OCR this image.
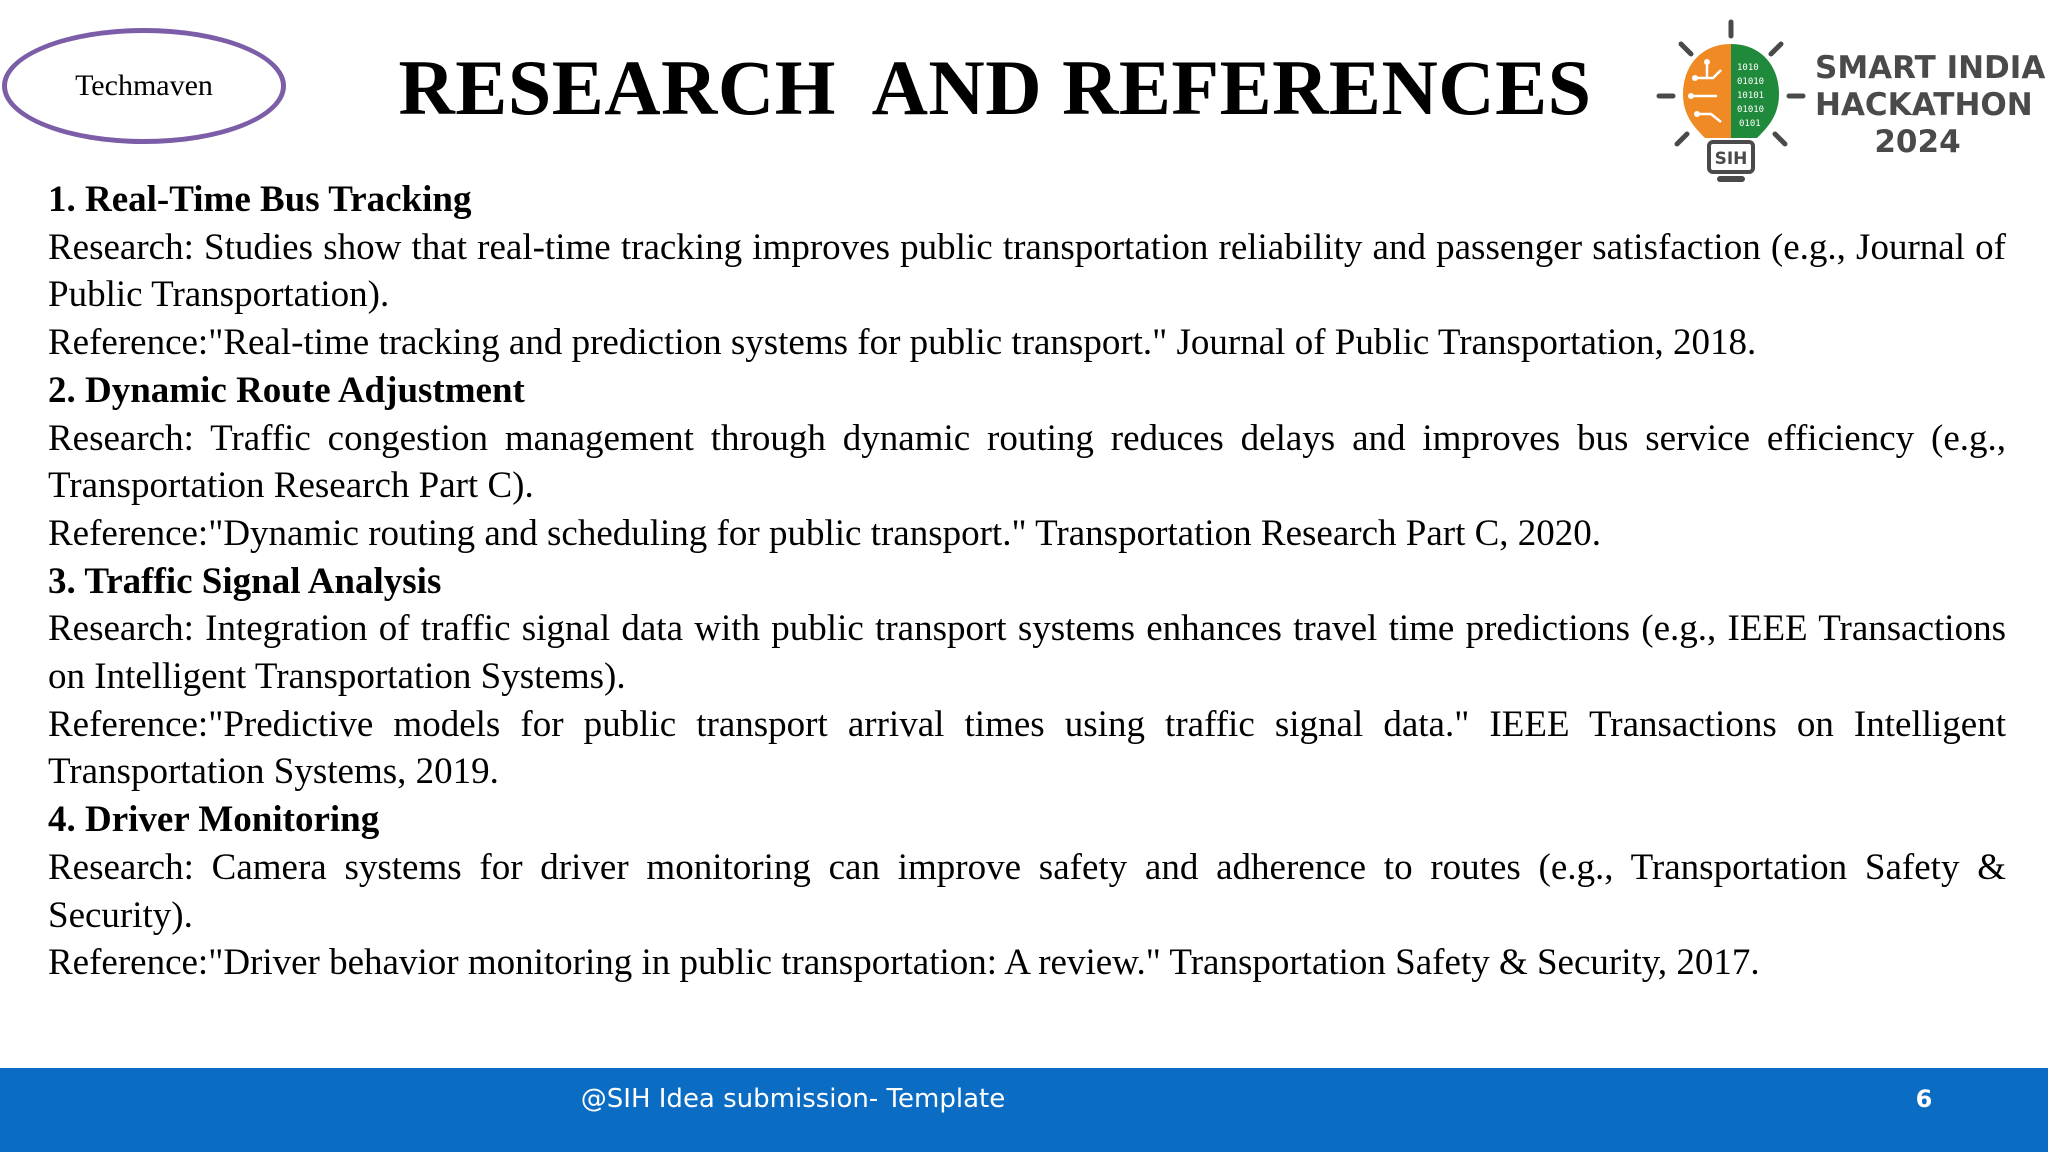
Techmaven	RESEARCH  AND REFERENCES	1010
01010
10101
01010
0101
SIH
SMART INDIA
HACKATHON
2024

1. Real-Time Bus Tracking

Research: Studies show that real-time tracking improves public transportation reliability and passenger satisfaction (e.g., Journal of Public Transportation).

Reference:"Real-time tracking and prediction systems for public transport." Journal of Public Transportation, 2018.

2. Dynamic Route Adjustment

Research: Traffic congestion management through dynamic routing reduces delays and improves bus service efficiency (e.g., Transportation Research Part C).

Reference:"Dynamic routing and scheduling for public transport." Transportation Research Part C, 2020.

3. Traffic Signal Analysis

Research: Integration of traffic signal data with public transport systems enhances travel time predictions (e.g., IEEE Transactions on Intelligent Transportation Systems).

Reference:"Predictive models for public transport arrival times using traffic signal data." IEEE Transactions on Intelligent Transportation Systems, 2019.

4. Driver Monitoring

Research: Camera systems for driver monitoring can improve safety and adherence to routes (e.g., Transportation Safety & Security).

Reference:"Driver behavior monitoring in public transportation: A review." Transportation Safety & Security, 2017.

@SIH Idea submission- Template	6
